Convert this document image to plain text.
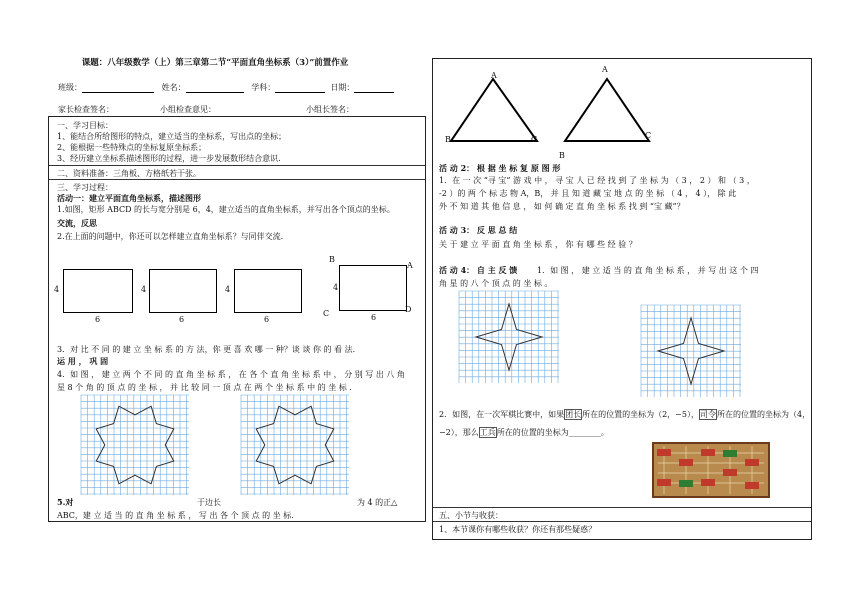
课题：八年级数学（上）第三章第二节“平面直角坐标系（3）”前置作业
班级：	姓名：	学科：	日期：
家长检查签名：	小组检查意见：	小组长签名：
一、学习目标：
1、能结合所给图形的特点，建立适当的坐标系，写出点的坐标；
2、能根据一些特殊点的坐标复原坐标系；
3、经历建立坐标系描述图形的过程，进一步发展数形结合意识.
二、资料准备：三角板、方格纸若干张。
三、学习过程：
活动一：建立平面直角坐标系，描述图形
1.如图，矩形 ABCD 的长与宽分别是 6，4，建立适当的直角坐标系，并写出各个顶点的坐标。
交流，反思
2.在上面的问题中，你还可以怎样建立直角坐标系？与同伴交流.
4
6
4
6
4
6
B
A
C	D
4
6
3．对 比 不 同 的 建 立 坐 标 系 的 方 法，你 更 喜 欢 哪 一 种？谈 谈 你 的 看 法．
运 用 ， 巩 固
4．如 图 ， 建 立 两 个 不 同 的 直 角 坐 标 系 ， 在 各 个 直 角 坐 标 系 中 ， 分 别 写 出 八 角
星 8 个 角 的 顶 点 的 坐 标 ， 并 比 较 同 一 顶 点 在 两 个 坐 标 系 中 的 坐 标 .
5.对	于边长	为 4 的正△
ABC，建 立 适 当 的 直 角 坐 标 系 ， 写 出 各 个 顶 点 的 坐 标.
A
B	C
A
B
C
活 动 2： 根 据 坐 标 复 原 图 形
1．在 一 次 “寻 宝” 游 戏 中 ， 寻 宝 人 已 经 找 到 了 坐 标 为 （ 3 ， 2 ） 和 （ 3 ，
-2 ）的 两 个 标 志 物 A，B， 并 且 知 道 藏 宝 地 点 的 坐 标 （ 4 ， 4 ）， 除 此
外 不 知 道 其 他 信 息 ， 如 何 确 定 直 角 坐 标 系 找 到 “宝 藏”？
活 动 3： 反 思 总 结
关 于 建 立 平 面 直 角 坐 标 系 ， 你 有 哪 些 经 验 ？
活 动 4： 自 主 反 馈 1．如 图 ， 建 立 适 当 的 直 角 坐 标 系 ， 并 写 出 这 个 四
角 星 的 八 个 顶 点 的 坐 标 。
2．如图，在一次军棋比赛中，如果团长所在的位置的坐标为（2，−5），司令所在的位置的坐标为（4，
−2），那么工兵所在的位置的坐标为________。
五、小节与收获：
1、本节课你有哪些收获？你还有那些疑惑？
